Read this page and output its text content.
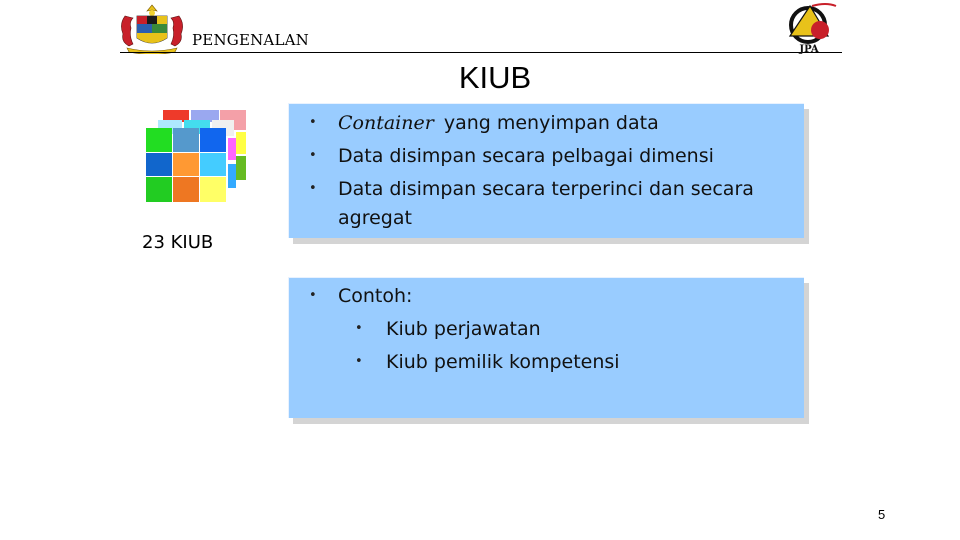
PENGENALAN
JPA
KIUB
23 KIUB
• Container yang menyimpan data
• Data disimpan secara pelbagai dimensi
• Data disimpan secara terperinci dan secara
agregat
• Contoh:
• Kiub perjawatan
• Kiub pemilik kompetensi
5
